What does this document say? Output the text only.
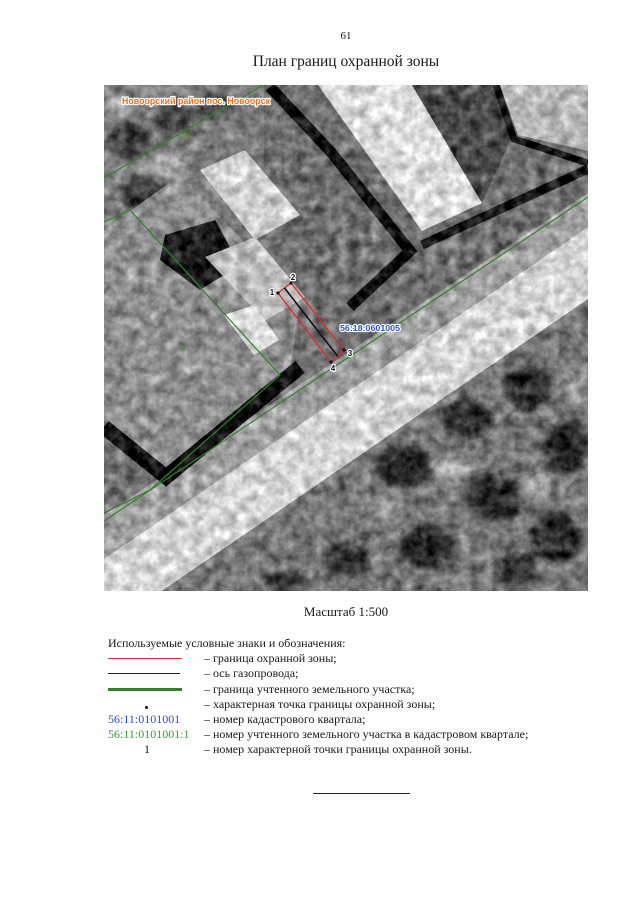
61
План границ охранной зоны
1
2
3
4
56:18:0601005
Новоорский район пос. Новоорск
46
4
Масштаб 1:500
Используемые условные знаки и обозначения:
– граница охранной зоны;
– ось газопровода;
– граница учтенного земельного участка;
– характерная точка границы охранной зоны;
56:11:0101001 – номер кадастрового квартала;
56:11:0101001:1 – номер учтенного земельного участка в кадастровом квартале;
1	– номер характерной точки границы охранной зоны.
